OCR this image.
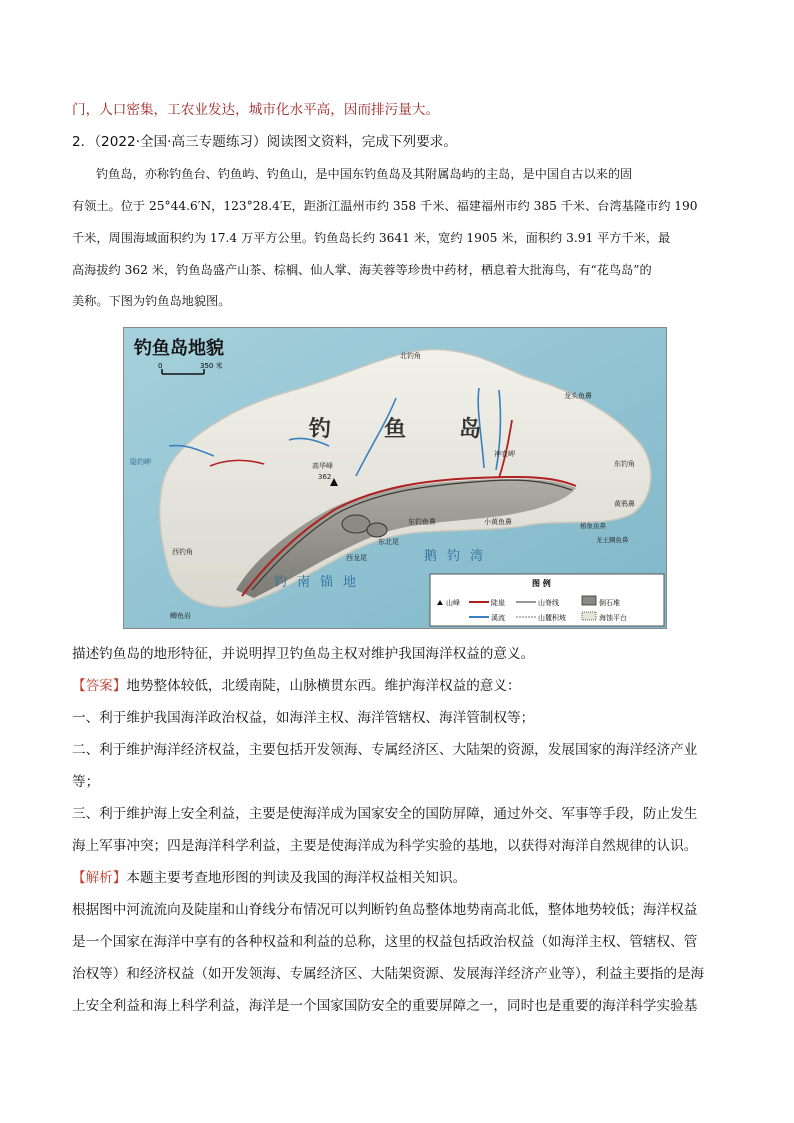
门，人口密集，工农业发达，城市化水平高，因而排污量大。
2．（2022·全国·高三专题练习）阅读图文资料，完成下列要求。
钓鱼岛，亦称钓鱼台、钓鱼屿、钓鱼山，是中国东钓鱼岛及其附属岛屿的主岛，是中国自古以来的固
有领土。位于 25°44.6′N，123°28.4′E，距浙江温州市约 358 千米、福建福州市约 385 千米、台湾基隆市约 190
千米，周围海域面积约为 17.4 万平方公里。钓鱼岛长约 3641 米，宽约 1905 米，面积约 3.91 平方千米，最
高海拔约 362 米，钓鱼岛盛产山茶、棕榈、仙人掌、海芙蓉等珍贵中药材，栖息着大批海鸟，有“花鸟岛”的
美称。下图为钓鱼岛地貌图。
钓鱼岛地貌
0	350 米
钓 鱼 岛
北钓角
龙头鱼鼻
东钓角
黄鸦鼻
高华峰
362
神农岬
东钓鱼鼻	小黄鱼鼻
东北尾
西龙尾
西钓角
鲫鱼岩
隐钓岬
鹅钓湾
钓南锚地
椿象鱼鼻
龙王鲷鱼鼻
图 例
山峰	陡崖	山脊线	倒石堆
溪流	山麓积坡	海蚀平台
描述钓鱼岛的地形特征，并说明捍卫钓鱼岛主权对维护我国海洋权益的意义。
【答案】地势整体较低，北缓南陡，山脉横贯东西。维护海洋权益的意义：
一、利于维护我国海洋政治权益，如海洋主权、海洋管辖权、海洋管制权等；
二、利于维护海洋经济权益，主要包括开发领海、专属经济区、大陆架的资源，发展国家的海洋经济产业
等；
三、利于维护海上安全利益，主要是使海洋成为国家安全的国防屏障，通过外交、军事等手段，防止发生
海上军事冲突；四是海洋科学利益，主要是使海洋成为科学实验的基地，以获得对海洋自然规律的认识。
【解析】本题主要考查地形图的判读及我国的海洋权益相关知识。
根据图中河流流向及陡崖和山脊线分布情况可以判断钓鱼岛整体地势南高北低，整体地势较低；海洋权益
是一个国家在海洋中享有的各种权益和利益的总称，这里的权益包括政治权益（如海洋主权、管辖权、管
治权等）和经济权益（如开发领海、专属经济区、大陆架资源、发展海洋经济产业等），利益主要指的是海
上安全利益和海上科学利益，海洋是一个国家国防安全的重要屏障之一，同时也是重要的海洋科学实验基
